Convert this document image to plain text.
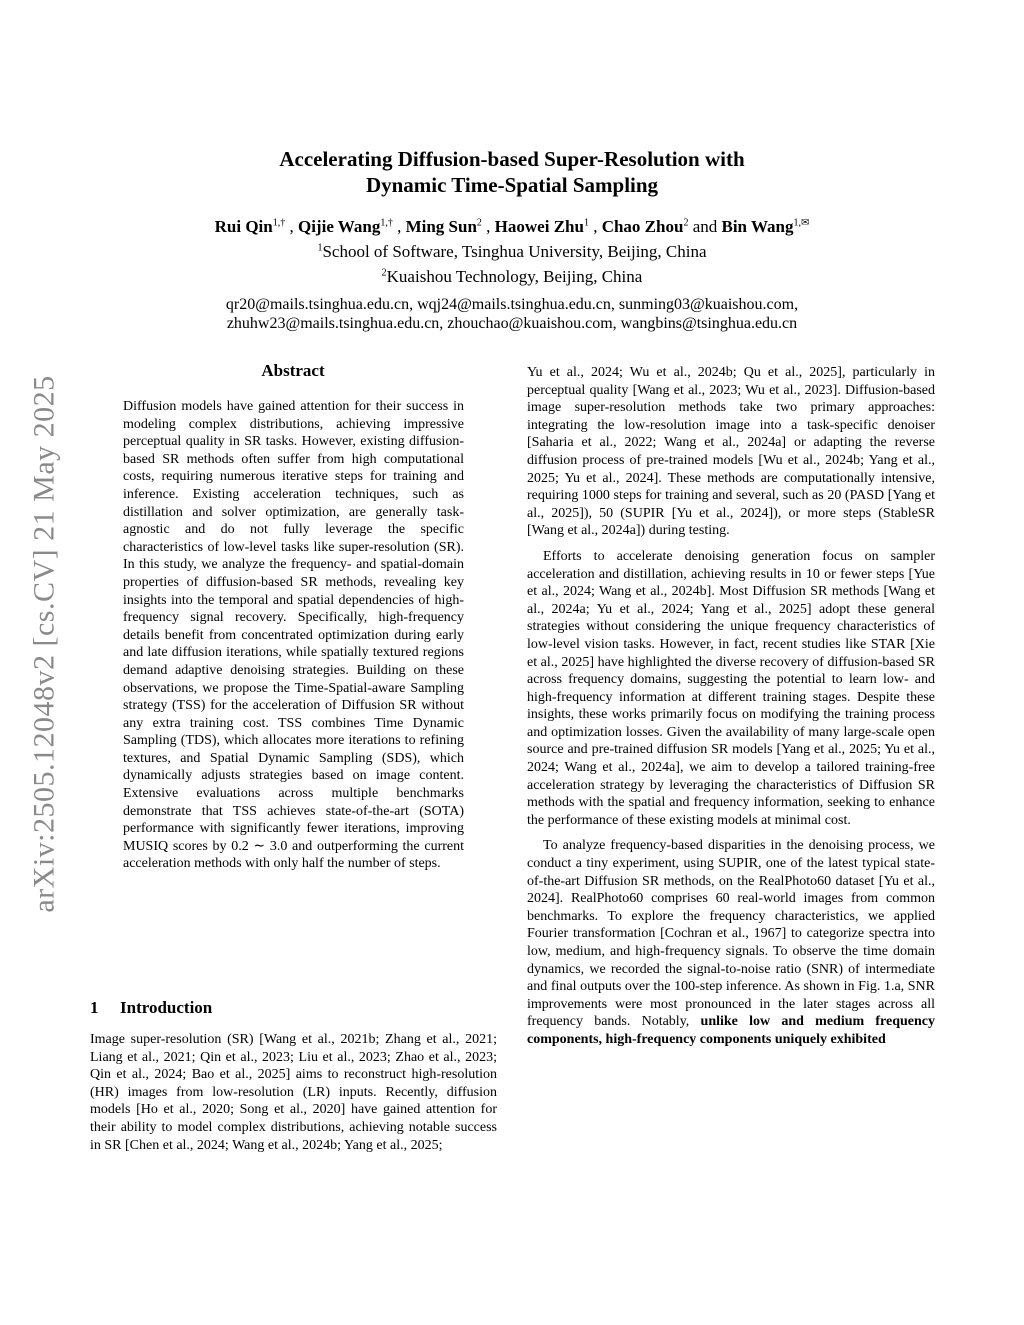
Accelerating Diffusion-based Super-Resolution with
Dynamic Time-Spatial Sampling
Rui Qin$^{1,\dagger}$ , Qijie Wang$^{1,\dagger}$ , Ming Sun$^2$ , Haowei Zhu$^1$ , Chao Zhou$^2$ and Bin Wang$^{1,✉}$
$^1$School of Software, Tsinghua University, Beijing, China
$^2$Kuaishou Technology, Beijing, China
qr20@mails.tsinghua.edu.cn, wqj24@mails.tsinghua.edu.cn, sunming03@kuaishou.com,
zhuhw23@mails.tsinghua.edu.cn, zhouchao@kuaishou.com, wangbins@tsinghua.edu.cn
arXiv:2505.12048v2 [cs.CV] 21 May 2025
Abstract

Diffusion models have gained attention for their success in modeling complex distributions, achieving impressive perceptual quality in SR tasks. However, existing diffusion-based SR methods often suffer from high computational costs, requiring numerous iterative steps for training and inference. Existing acceleration techniques, such as distillation and solver optimization, are generally task-agnostic and do not fully leverage the specific characteristics of low-level tasks like super-resolution (SR). In this study, we analyze the frequency- and spatial-domain properties of diffusion-based SR methods, revealing key insights into the temporal and spatial dependencies of high-frequency signal recovery. Specifically, high-frequency details benefit from concentrated optimization during early and late diffusion iterations, while spatially textured regions demand adaptive denoising strategies. Building on these observations, we propose the Time-Spatial-aware Sampling strategy (TSS) for the acceleration of Diffusion SR without any extra training cost. TSS combines Time Dynamic Sampling (TDS), which allocates more iterations to refining textures, and Spatial Dynamic Sampling (SDS), which dynamically adjusts strategies based on image content. Extensive evaluations across multiple benchmarks demonstrate that TSS achieves state-of-the-art (SOTA) performance with significantly fewer iterations, improving MUSIQ scores by 0.2 ∼ 3.0 and outperforming the current acceleration methods with only half the number of steps.

1 Introduction

Image super-resolution (SR) [Wang et al., 2021b; Zhang et al., 2021; Liang et al., 2021; Qin et al., 2023; Liu et al., 2023; Zhao et al., 2023; Qin et al., 2024; Bao et al., 2025] aims to reconstruct high-resolution (HR) images from low-resolution (LR) inputs. Recently, diffusion models [Ho et al., 2020; Song et al., 2020] have gained attention for their ability to model complex distributions, achieving notable success in SR [Chen et al., 2024; Wang et al., 2024b; Yang et al., 2025;

Yu et al., 2024; Wu et al., 2024b; Qu et al., 2025], particularly in perceptual quality [Wang et al., 2023; Wu et al., 2023]. Diffusion-based image super-resolution methods take two primary approaches: integrating the low-resolution image into a task-specific denoiser [Saharia et al., 2022; Wang et al., 2024a] or adapting the reverse diffusion process of pre-trained models [Wu et al., 2024b; Yang et al., 2025; Yu et al., 2024]. These methods are computationally intensive, requiring 1000 steps for training and several, such as 20 (PASD [Yang et al., 2025]), 50 (SUPIR [Yu et al., 2024]), or more steps (StableSR [Wang et al., 2024a]) during testing.

Efforts to accelerate denoising generation focus on sampler acceleration and distillation, achieving results in 10 or fewer steps [Yue et al., 2024; Wang et al., 2024b]. Most Diffusion SR methods [Wang et al., 2024a; Yu et al., 2024; Yang et al., 2025] adopt these general strategies without considering the unique frequency characteristics of low-level vision tasks. However, in fact, recent studies like STAR [Xie et al., 2025] have highlighted the diverse recovery of diffusion-based SR across frequency domains, suggesting the potential to learn low- and high-frequency information at different training stages. Despite these insights, these works primarily focus on modifying the training process and optimization losses. Given the availability of many large-scale open source and pre-trained diffusion SR models [Yang et al., 2025; Yu et al., 2024; Wang et al., 2024a], we aim to develop a tailored training-free acceleration strategy by leveraging the characteristics of Diffusion SR methods with the spatial and frequency information, seeking to enhance the performance of these existing models at minimal cost.

To analyze frequency-based disparities in the denoising process, we conduct a tiny experiment, using SUPIR, one of the latest typical state-of-the-art Diffusion SR methods, on the RealPhoto60 dataset [Yu et al., 2024]. RealPhoto60 comprises 60 real-world images from common benchmarks. To explore the frequency characteristics, we applied Fourier transformation [Cochran et al., 1967] to categorize spectra into low, medium, and high-frequency signals. To observe the time domain dynamics, we recorded the signal-to-noise ratio (SNR) of intermediate and final outputs over the 100-step inference. As shown in Fig. 1.a, SNR improvements were most pronounced in the later stages across all frequency bands. Notably, unlike low and medium frequency components, high-frequency components uniquely exhibited
